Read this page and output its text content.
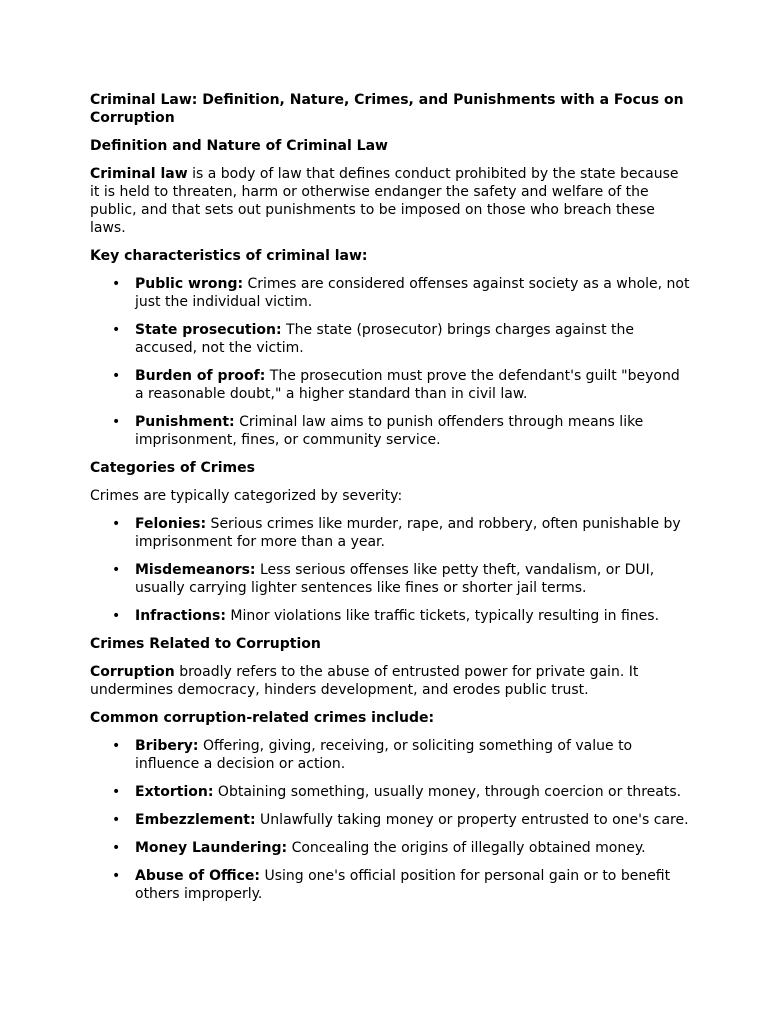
Criminal Law: Definition, Nature, Crimes, and Punishments with a Focus on Corruption
Definition and Nature of Criminal Law
Criminal law is a body of law that defines conduct prohibited by the state because it is held to threaten, harm or otherwise endanger the safety and welfare of the public, and that sets out punishments to be imposed on those who breach these laws.
Key characteristics of criminal law:
• Public wrong: Crimes are considered offenses against society as a whole, not just the individual victim.
• State prosecution: The state (prosecutor) brings charges against the accused, not the victim.
• Burden of proof: The prosecution must prove the defendant's guilt "beyond a reasonable doubt," a higher standard than in civil law.
• Punishment: Criminal law aims to punish offenders through means like imprisonment, fines, or community service.
Categories of Crimes
Crimes are typically categorized by severity:
• Felonies: Serious crimes like murder, rape, and robbery, often punishable by imprisonment for more than a year.
• Misdemeanors: Less serious offenses like petty theft, vandalism, or DUI, usually carrying lighter sentences like fines or shorter jail terms.
• Infractions: Minor violations like traffic tickets, typically resulting in fines.
Crimes Related to Corruption
Corruption broadly refers to the abuse of entrusted power for private gain. It undermines democracy, hinders development, and erodes public trust.
Common corruption-related crimes include:
• Bribery: Offering, giving, receiving, or soliciting something of value to influence a decision or action.
• Extortion: Obtaining something, usually money, through coercion or threats.
• Embezzlement: Unlawfully taking money or property entrusted to one's care.
• Money Laundering: Concealing the origins of illegally obtained money.
• Abuse of Office: Using one's official position for personal gain or to benefit others improperly.
